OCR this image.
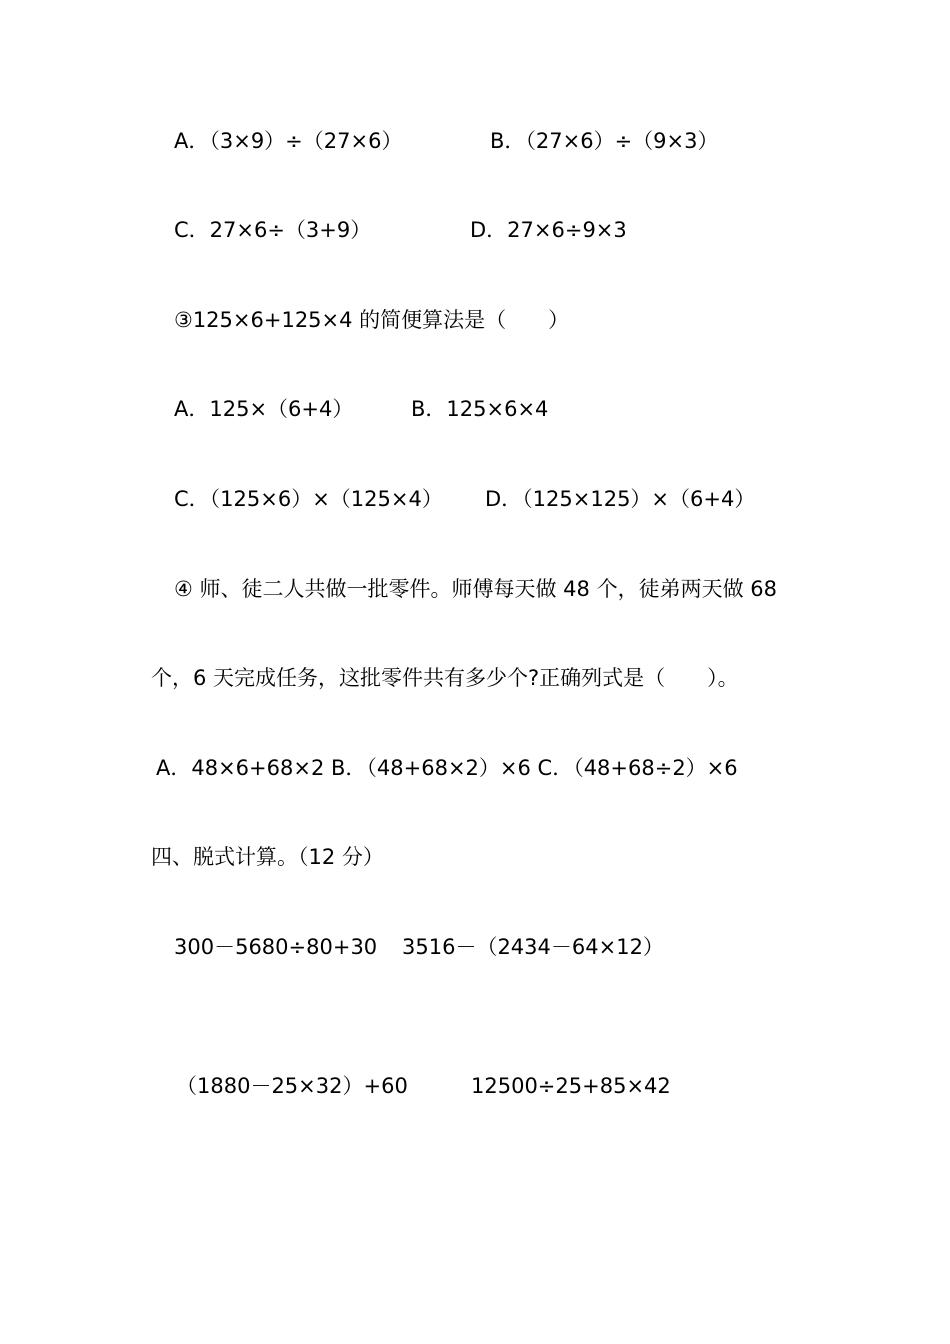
A．（3×9）÷（27×6）	B．（27×6）÷（9×3）
C．27×6÷（3+9）	D．27×6÷9×3
③125×6+125×4 的简便算法是（　　）
A．125×（6+4）	B．125×6×4
C．（125×6）×（125×4） D．（125×125）×（6+4）
④ 师、徒二人共做一批零件。师傅每天做 48 个，徒弟两天做 68
个，6 天完成任务，这批零件共有多少个?正确列式是（　　）。
A．48×6+68×2 B．（48+68×2）×6 C．（48+68÷2）×6
四、脱式计算。（12 分）
300－5680÷80+30 3516－（2434－64×12）
（1880－25×32）+60	12500÷25+85×42
